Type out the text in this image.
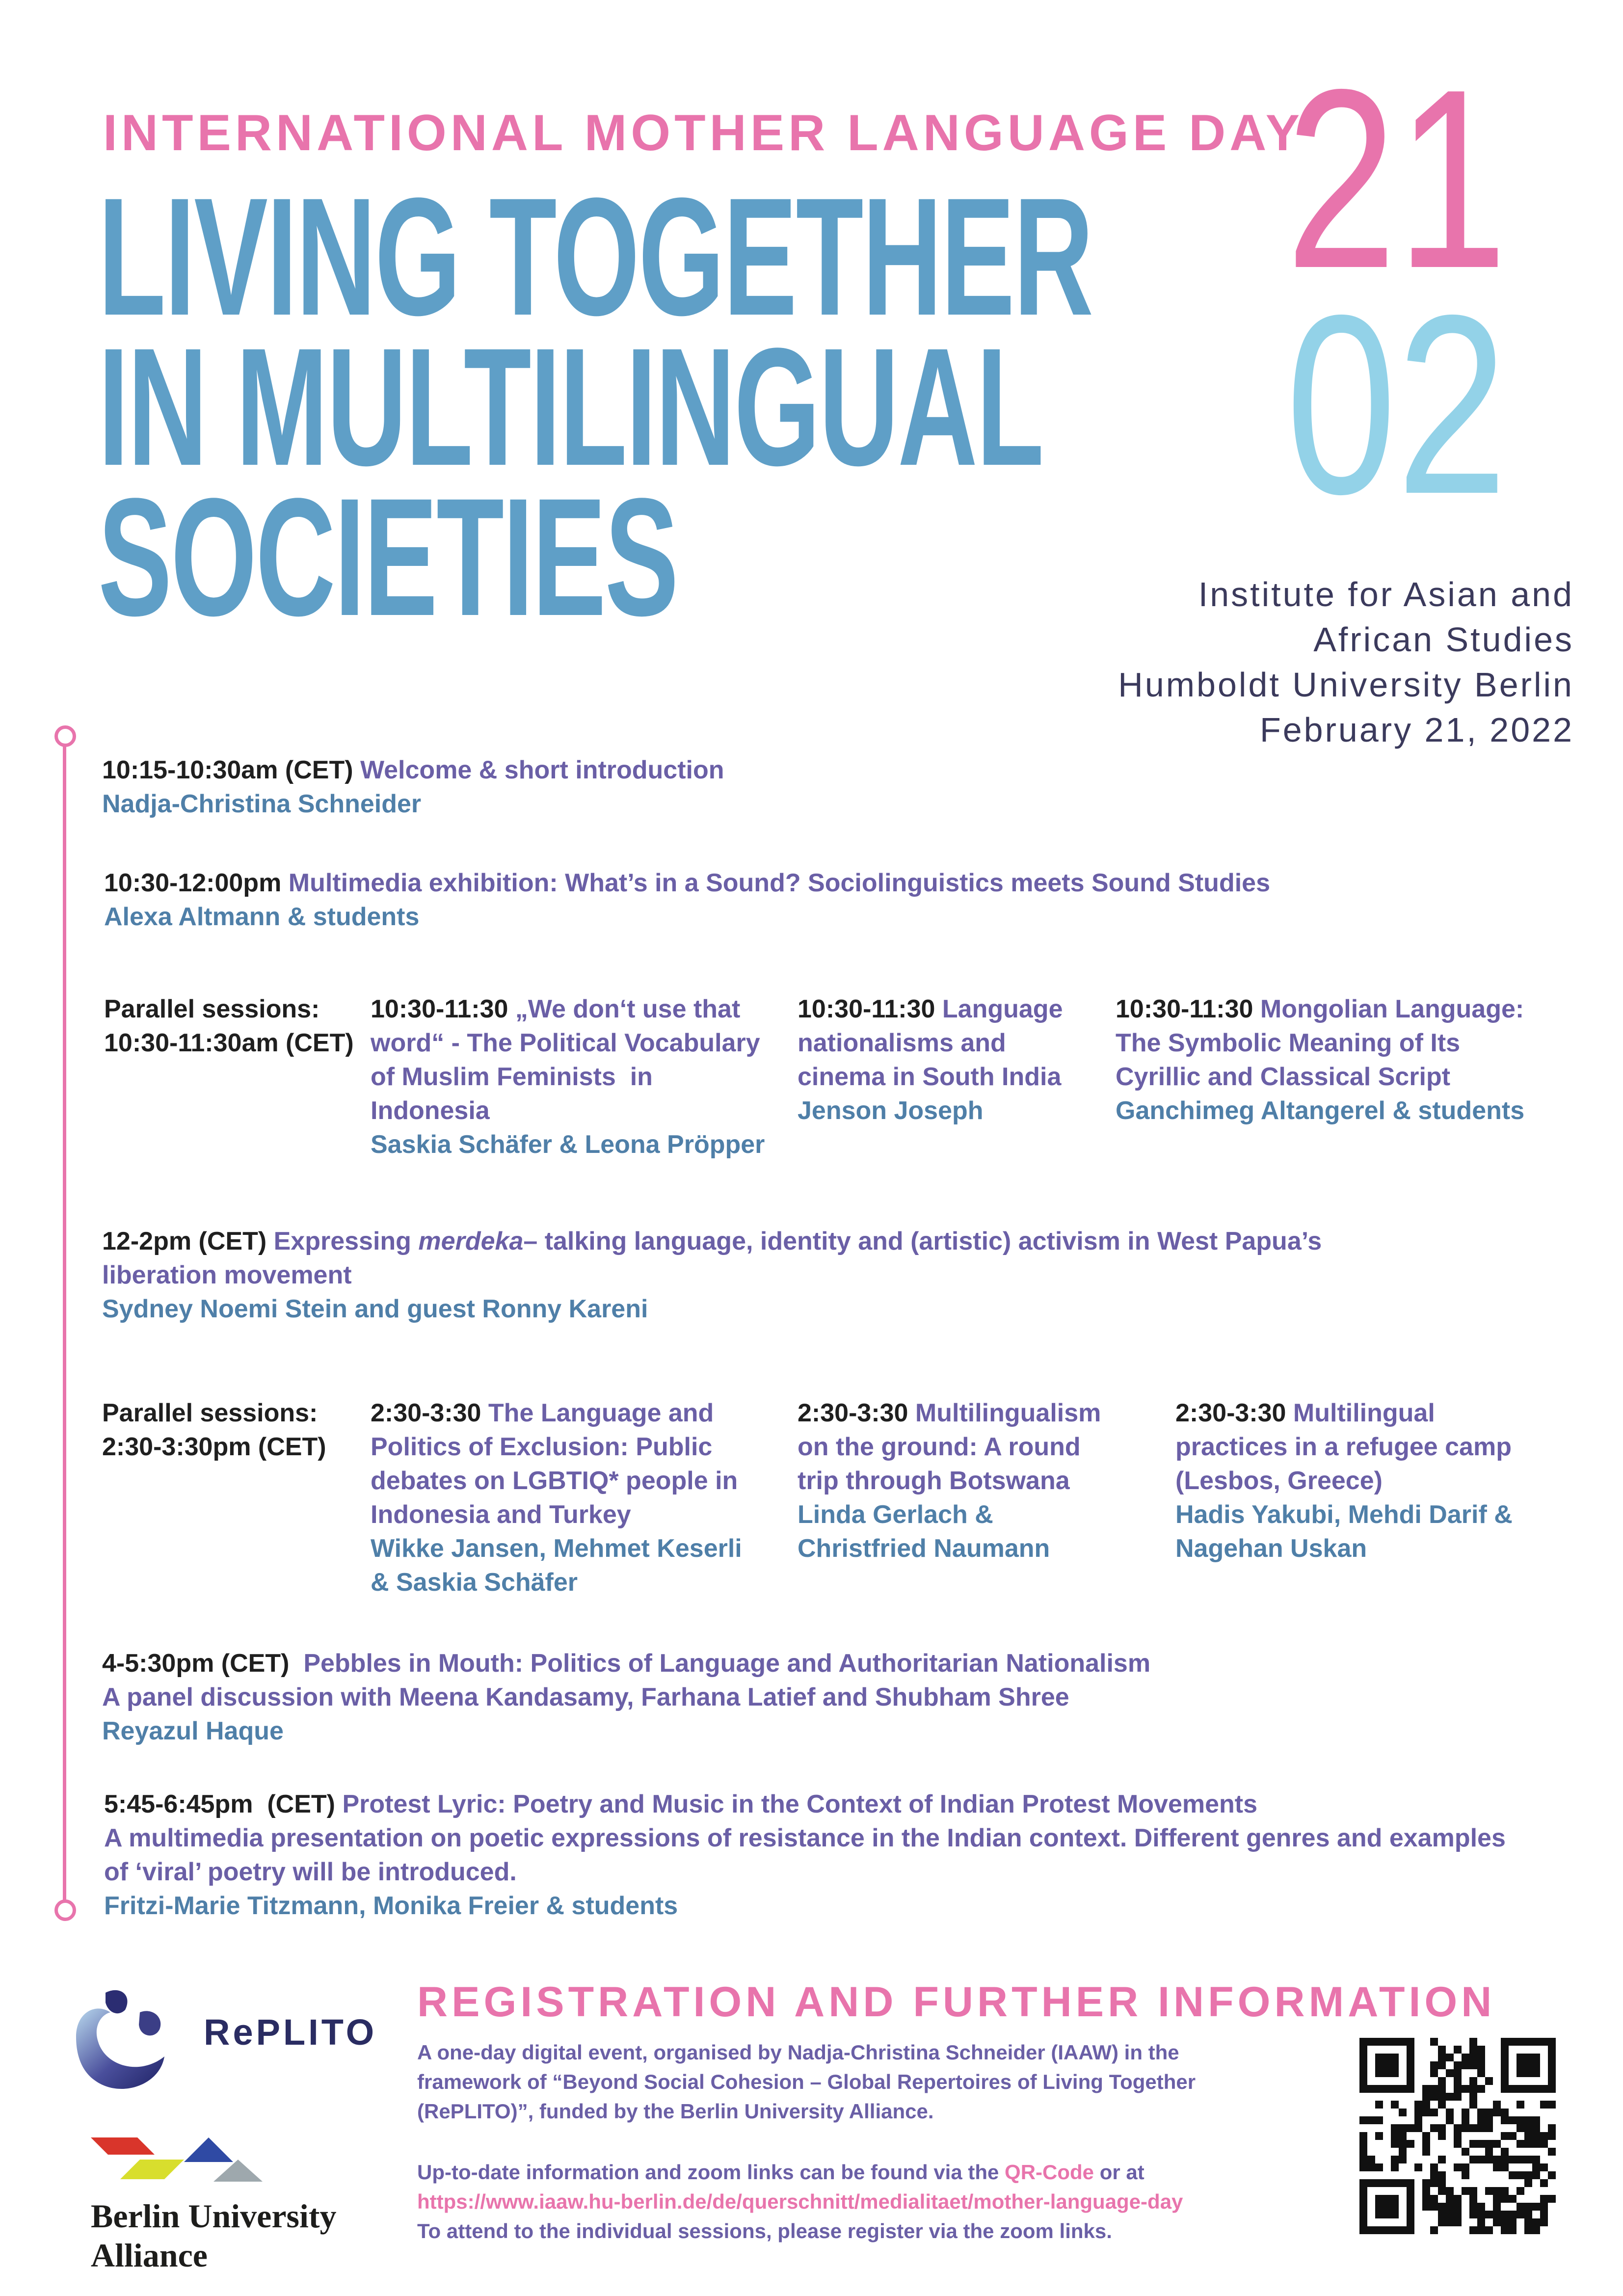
INTERNATIONAL MOTHER LANGUAGE DAY
LIVING TOGETHER
IN MULTILINGUAL
SOCIETIES
21
02
Institute for Asian and
African Studies
Humboldt University Berlin
February 21, 2022
10:15-10:30am (CET) Welcome & short introduction
Nadja-Christina Schneider
10:30-12:00pm Multimedia exhibition: What’s in a Sound? Sociolinguistics meets Sound Studies
Alexa Altmann & students
Parallel sessions:
10:30-11:30am (CET)
10:30-11:30 „We don‘t use that
word“ - The Political Vocabulary
of Muslim Feminists  in
Indonesia
Saskia Schäfer & Leona Pröpper
10:30-11:30 Language
nationalisms and
cinema in South India
Jenson Joseph
10:30-11:30 Mongolian Language:
The Symbolic Meaning of Its
Cyrillic and Classical Script
Ganchimeg Altangerel & students
12-2pm (CET) Expressing merdeka– talking language, identity and (artistic) activism in West Papua’s
liberation movement
Sydney Noemi Stein and guest Ronny Kareni
Parallel sessions:
2:30-3:30pm (CET)
2:30-3:30 The Language and
Politics of Exclusion: Public
debates on LGBTIQ* people in
Indonesia and Turkey
Wikke Jansen, Mehmet Keserli
& Saskia Schäfer
2:30-3:30 Multilingualism
on the ground: A round
trip through Botswana
Linda Gerlach &
Christfried Naumann
2:30-3:30 Multilingual
practices in a refugee camp
(Lesbos, Greece)
Hadis Yakubi, Mehdi Darif &
Nagehan Uskan
4-5:30pm (CET) Pebbles in Mouth: Politics of Language and Authoritarian Nationalism
A panel discussion with Meena Kandasamy, Farhana Latief and Shubham Shree
Reyazul Haque
5:45-6:45pm  (CET) Protest Lyric: Poetry and Music in the Context of Indian Protest Movements
A multimedia presentation on poetic expressions of resistance in the Indian context. Different genres and examples
of ‘viral’ poetry will be introduced.
Fritzi-Marie Titzmann, Monika Freier & students
RePLITO
Berlin University
Alliance
REGISTRATION AND FURTHER INFORMATION
A one-day digital event, organised by Nadja-Christina Schneider (IAAW) in the
framework of “Beyond Social Cohesion – Global Repertoires of Living Together
(RePLITO)”, funded by the Berlin University Alliance.
Up-to-date information and zoom links can be found via the QR-Code or at
https://www.iaaw.hu-berlin.de/de/querschnitt/medialitaet/mother-language-day
To attend to the individual sessions, please register via the zoom links.
